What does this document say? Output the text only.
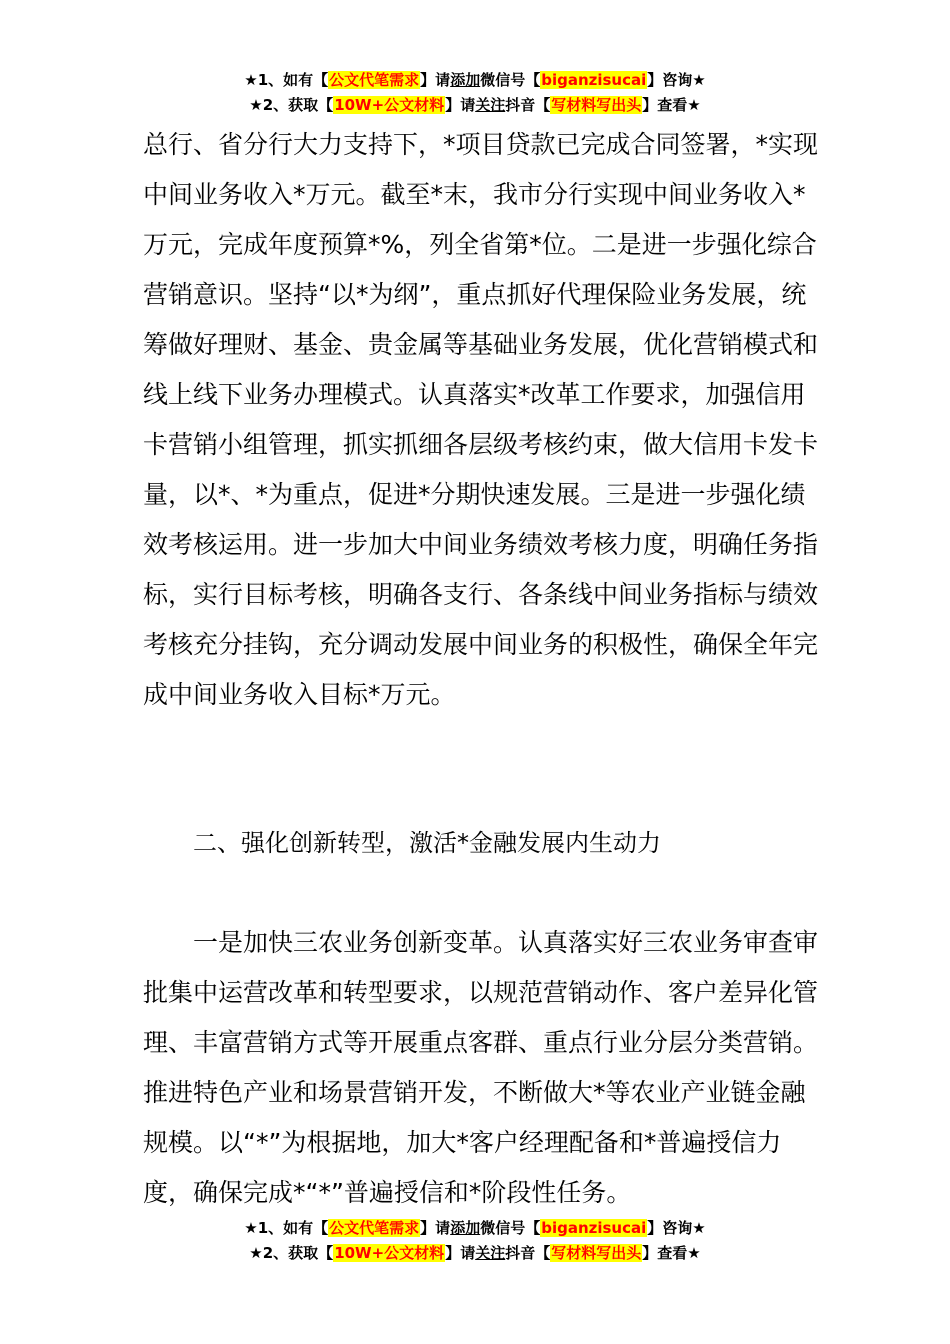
★1、如有【公文代笔需求】请添加微信号【biganzisucai】咨询★
★2、获取【10W+公文材料】请关注抖音【写材料写出头】查看★

总行、省分行大力支持下，*项目贷款已完成合同签署，*实现中间业务收入*万元。截至*末，我市分行实现中间业务收入*万元，完成年度预算*%，列全省第*位。二是进一步强化综合营销意识。坚持“以*为纲”，重点抓好代理保险业务发展，统筹做好理财、基金、贵金属等基础业务发展，优化营销模式和线上线下业务办理模式。认真落实*改革工作要求，加强信用卡营销小组管理，抓实抓细各层级考核约束，做大信用卡发卡量，以*、*为重点，促进*分期快速发展。三是进一步强化绩效考核运用。进一步加大中间业务绩效考核力度，明确任务指标，实行目标考核，明确各支行、各条线中间业务指标与绩效考核充分挂钩，充分调动发展中间业务的积极性，确保全年完成中间业务收入目标*万元。

二、强化创新转型，激活*金融发展内生动力

一是加快三农业务创新变革。认真落实好三农业务审查审批集中运营改革和转型要求，以规范营销动作、客户差异化管理、丰富营销方式等开展重点客群、重点行业分层分类营销。推进特色产业和场景营销开发，不断做大*等农业产业链金融规模。以“*”为根据地，加大*客户经理配备和*普遍授信力度，确保完成*“*”普遍授信和*阶段性任务。

★1、如有【公文代笔需求】请添加微信号【biganzisucai】咨询★
★2、获取【10W+公文材料】请关注抖音【写材料写出头】查看★
